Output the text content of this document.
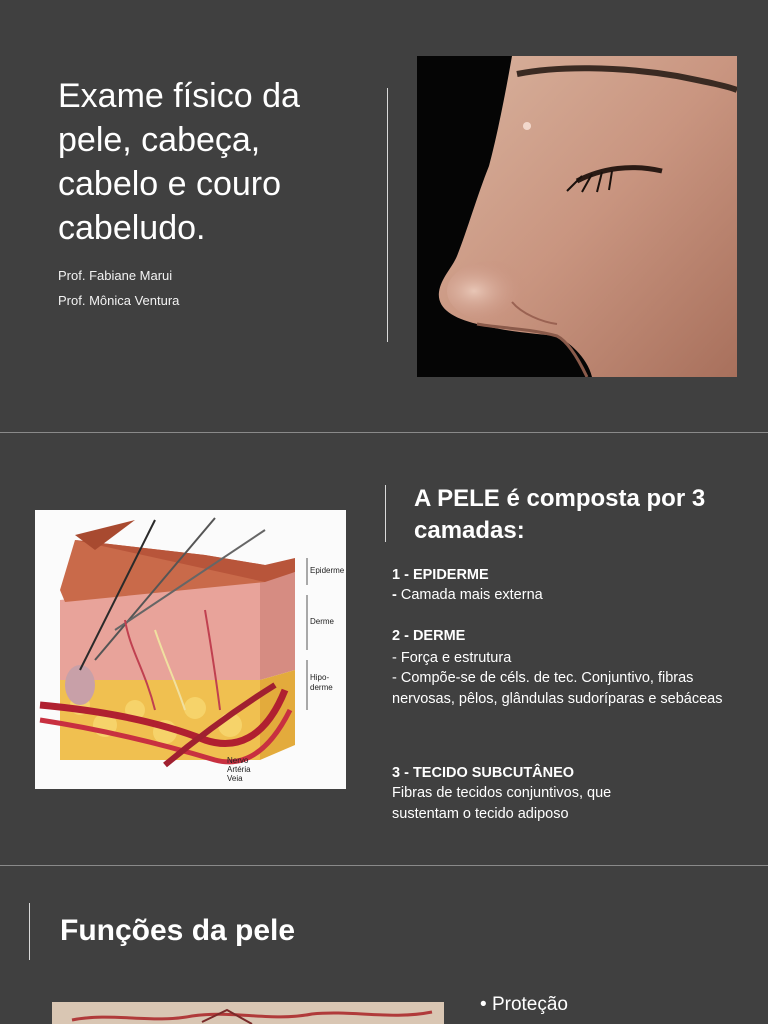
Exame físico da pele, cabeça, cabelo e couro cabeludo.
Prof. Fabiane Marui
Prof. Mônica Ventura
Epiderme
Derme
Hipo-
derme
Nervo
Artéria
Veia
A PELE é composta por 3 camadas:
1 - EPIDERME
- Camada mais externa
2 - DERME
- Força e estrutura
- Compõe-se de céls. de tec. Conjuntivo, fibras nervosas, pêlos, glândulas sudoríparas e sebáceas
3 - TECIDO SUBCUTÂNEO
Fibras de tecidos conjuntivos, que sustentam o tecido adiposo
Funções da pele
• Proteção
